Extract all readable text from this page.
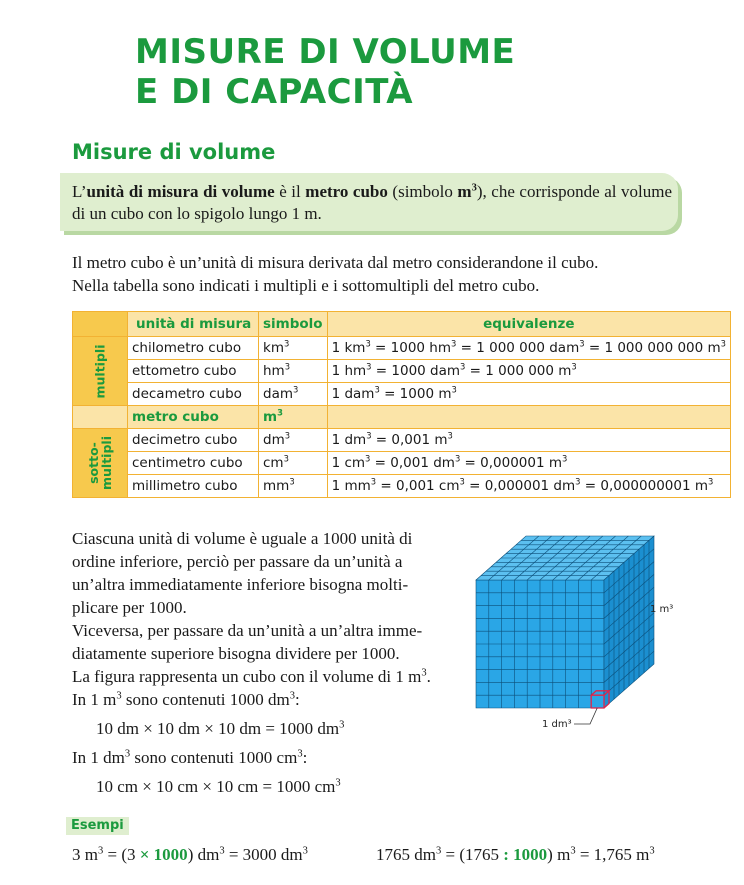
MISURE DI VOLUME
E DI CAPACITÀ
Misure di volume

L’unità di misura di volume è il metro cubo (simbolo $m^3$), che corrisponde al volume di un cubo con lo spigolo lungo 1 m.

Il metro cubo è un’unità di misura derivata dal metro considerandone il cubo.
Nella tabella sono indicati i multipli e i sottomultipli del metro cubo.

	unità di misura	simbolo	equivalenze

multipli	chilometro cubo	$km^3$	1 $km^3 = 1000$ $hm^3 = 1$ 000 000 dam$^3$ = 1 000 000 000 $m^3$
	ettometro cubo	$hm^3$	1 $hm^3 = 1000$ dam$^3$ = 1 000 000 $m^3$
	decametro cubo	dam$^3$	1 dam$^3$ = 1000 $m^3$
	metro cubo	$m^3$	

sotto-
multipli	decimetro cubo	$dm^3$	1 $dm^3 = 0,001$ $m^3$
	centimetro cubo	$cm^3$	1 $cm^3 = 0,001$ $dm^3 = 0,000001$ $m^3$
	millimetro cubo	$mm^3$	1 $mm^3 = 0,001$ $cm^3 = 0,000001$ $dm^3 = 0,000000001$ $m^3$
Ciascuna unità di volume è uguale a 1000 unità di
ordine inferiore, perciò per passare da un’unità a
un’altra immediatamente inferiore bisogna molti-
plicare per 1000.
Viceversa, per passare da un’unità a un’altra imme-
diatamente superiore bisogna dividere per 1000.
La figura rappresenta un cubo con il volume di 1 $m^3$.
In 1 $m^3$ sono contenuti 1000 $dm^3$:
10 dm × 10 dm × 10 dm = 1000 $dm^3$
In 1 $dm^3$ sono contenuti 1000 $cm^3$:
10 cm × 10 cm × 10 cm = 1000 $cm^3$
1 m³
1 dm³
Esempi

3 $m^3 = (3 \times 1000) dm^3 = 3000$ $dm^3$	1765 $dm^3 = (1765$ : 1000) $m^3 = 1,765$ $m^3$
